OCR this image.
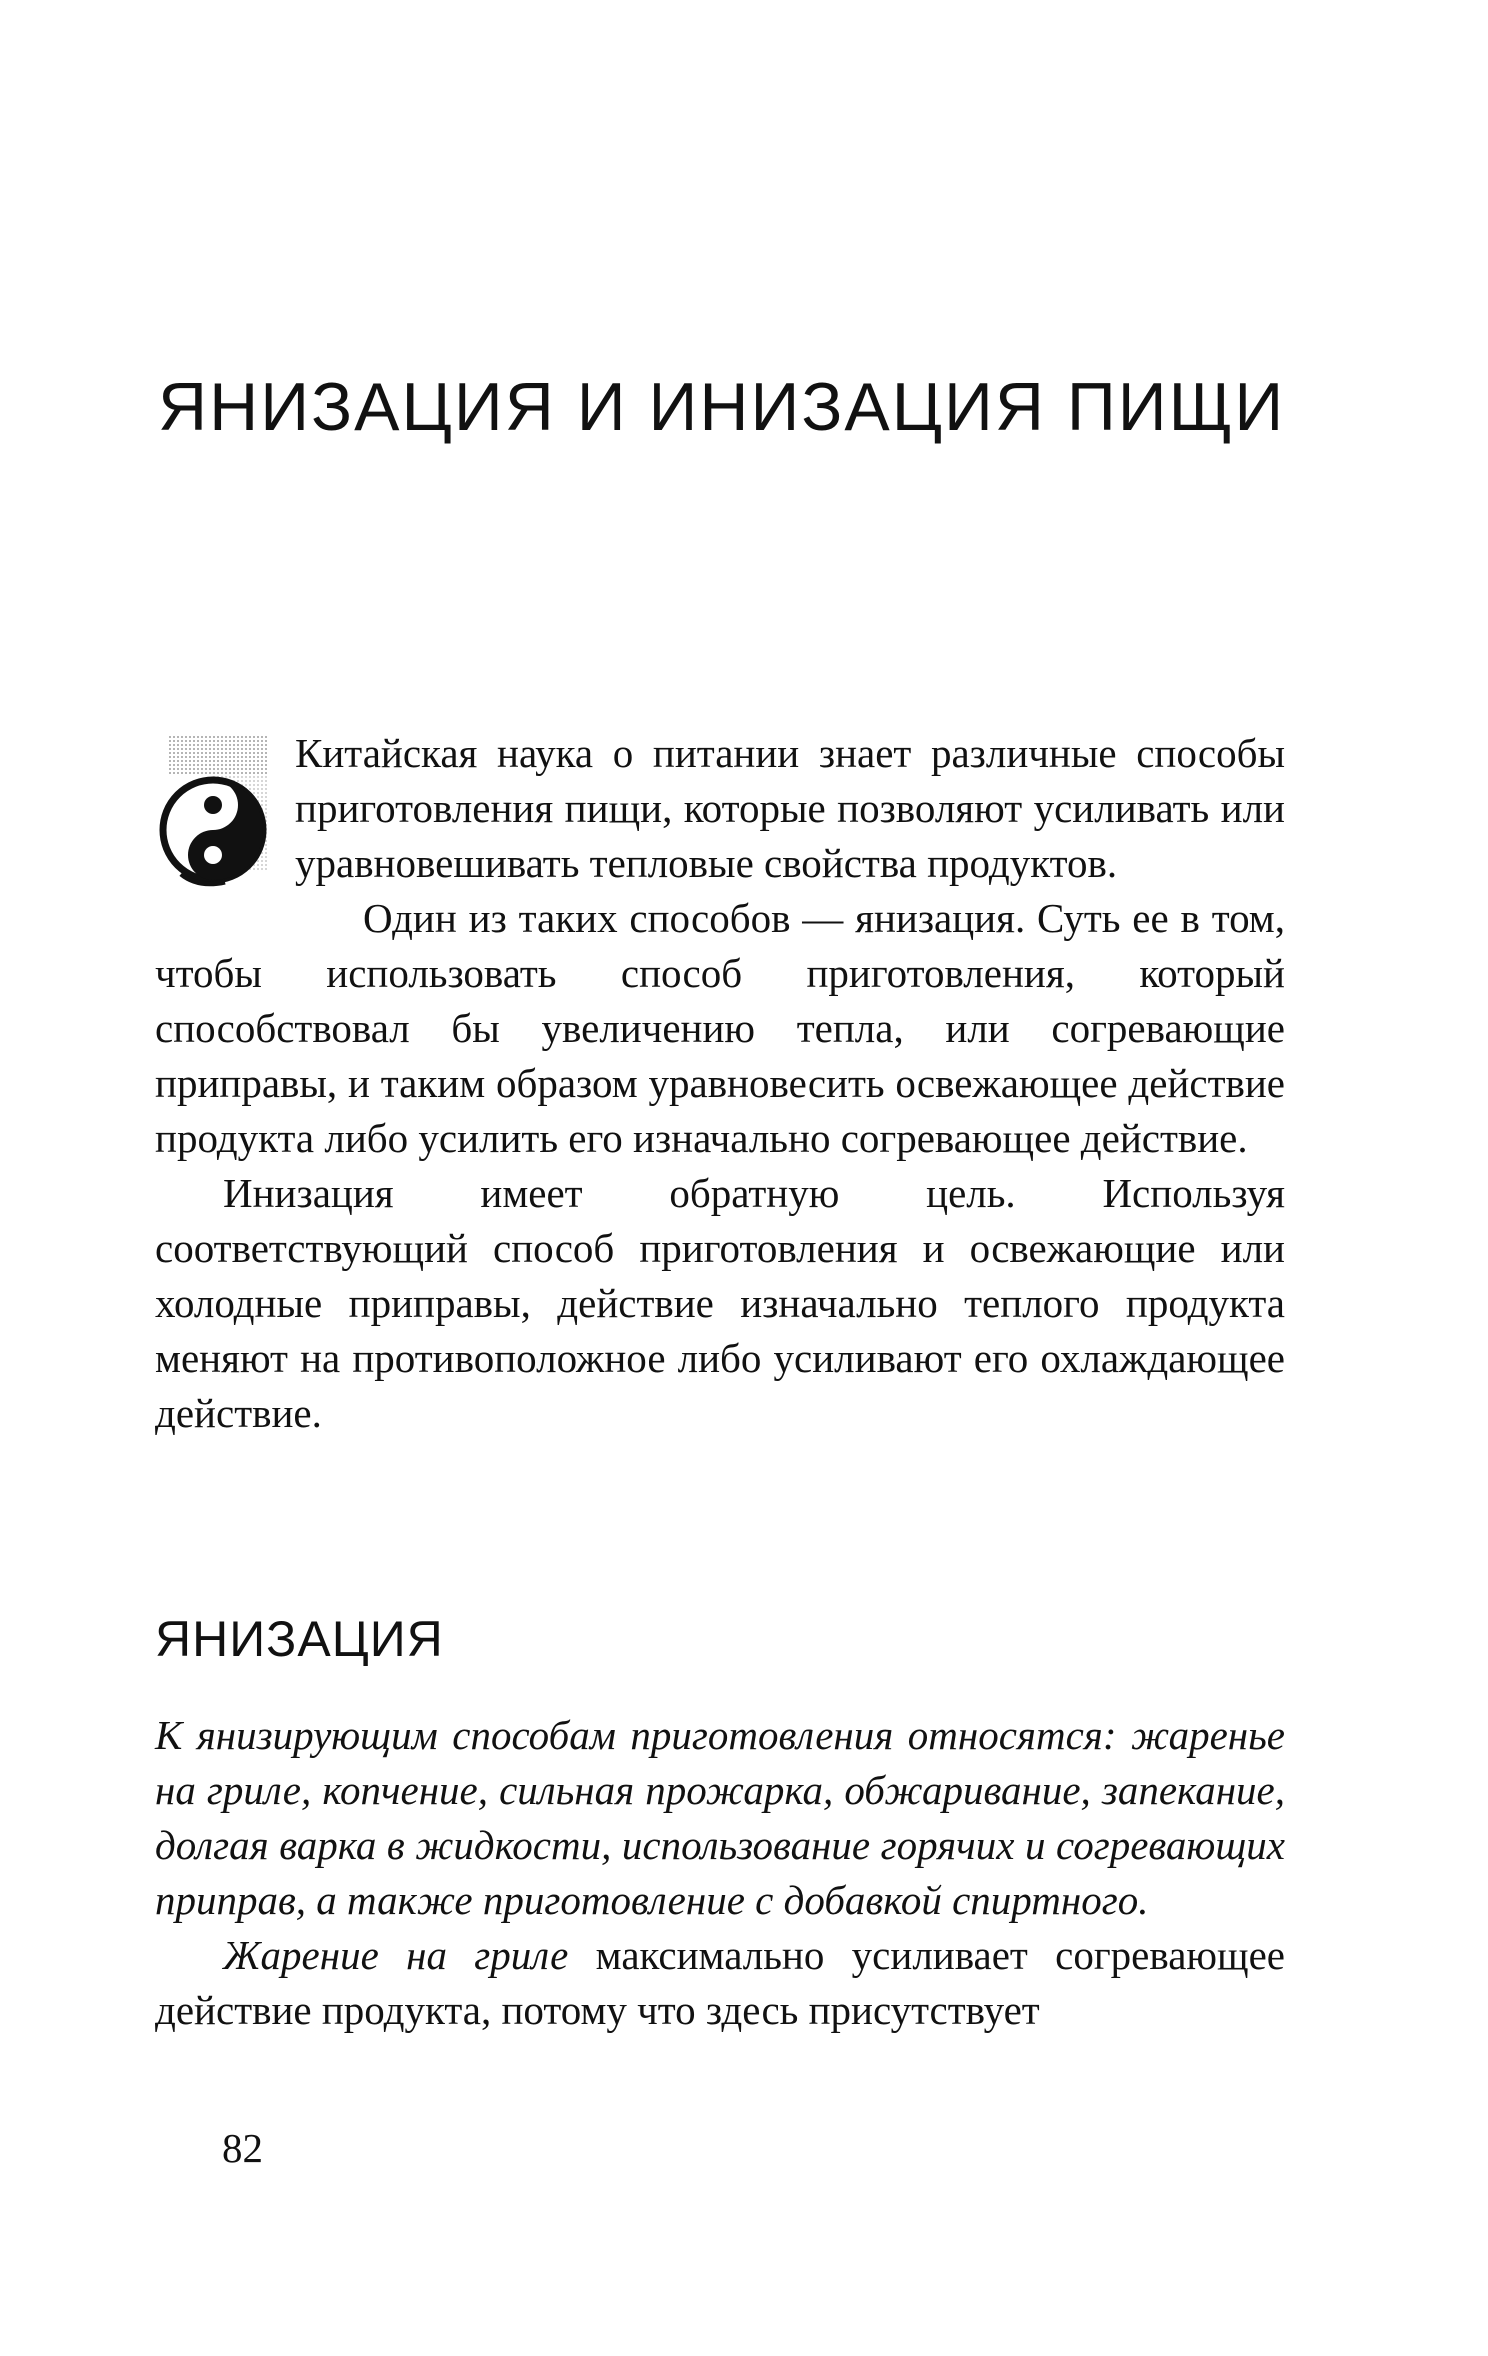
ЯНИЗАЦИЯ И ИНИЗАЦИЯ ПИЩИ

Китайская наука о питании знает различные способы приготовления пищи, которые позволяют усиливать или уравновешивать тепловые свойства продуктов.

Один из таких способов — янизация. Суть ее в том, чтобы использовать способ приготовления, который способствовал бы увеличению тепла, или согревающие приправы, и таким образом уравновесить освежающее действие продукта либо усилить его изначально согревающее действие.

Инизация имеет обратную цель. Используя соответствующий способ приготовления и освежающие или холодные приправы, действие изначально теплого продукта меняют на противоположное либо усиливают его охлаждающее действие.

ЯНИЗАЦИЯ

К янизирующим способам приготовления относятся: жаренье на гриле, копчение, сильная прожарка, обжаривание, запекание, долгая варка в жидкости, использование горячих и согревающих приправ, а также приготовление с добавкой спиртного.

Жарение на гриле максимально усиливает согревающее действие продукта, потому что здесь присутствует

82
